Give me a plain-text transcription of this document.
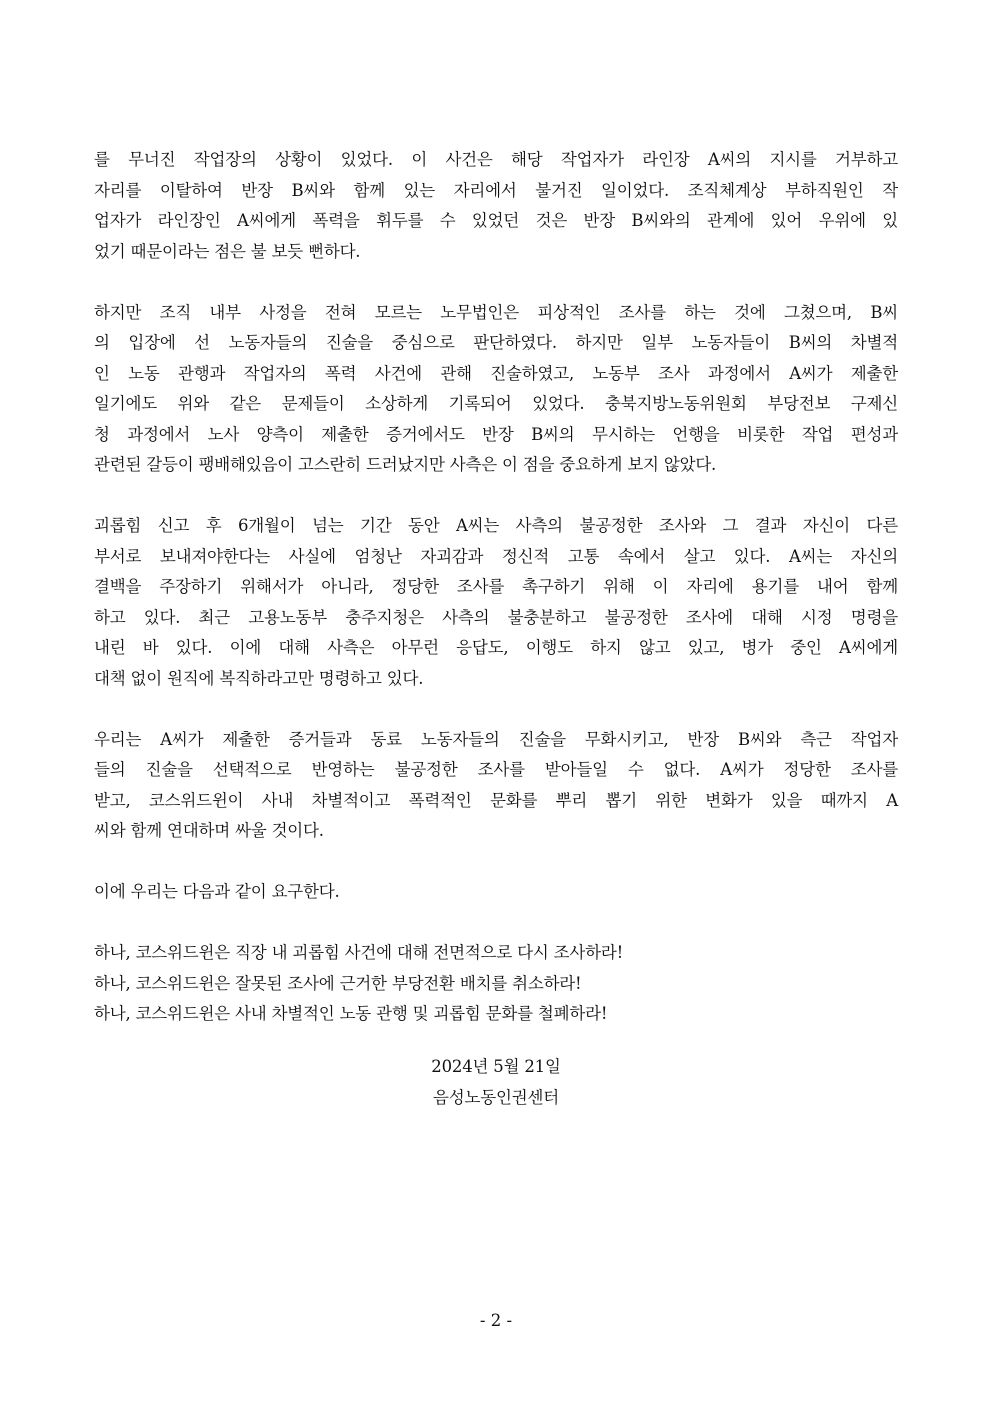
를 무너진 작업장의 상황이 있었다. 이 사건은 해당 작업자가 라인장 A씨의 지시를 거부하고
자리를 이탈하여 반장 B씨와 함께 있는 자리에서 불거진 일이었다. 조직체계상 부하직원인 작
업자가 라인장인 A씨에게 폭력을 휘두를 수 있었던 것은 반장 B씨와의 관계에 있어 우위에 있
었기 때문이라는 점은 불 보듯 뻔하다.
하지만 조직 내부 사정을 전혀 모르는 노무법인은 피상적인 조사를 하는 것에 그쳤으며, B씨
의 입장에 선 노동자들의 진술을 중심으로 판단하였다. 하지만 일부 노동자들이 B씨의 차별적
인 노동 관행과 작업자의 폭력 사건에 관해 진술하였고, 노동부 조사 과정에서 A씨가 제출한
일기에도 위와 같은 문제들이 소상하게 기록되어 있었다. 충북지방노동위원회 부당전보 구제신
청 과정에서 노사 양측이 제출한 증거에서도 반장 B씨의 무시하는 언행을 비롯한 작업 편성과
관련된 갈등이 팽배해있음이 고스란히 드러났지만 사측은 이 점을 중요하게 보지 않았다.
괴롭힘 신고 후 6개월이 넘는 기간 동안 A씨는 사측의 불공정한 조사와 그 결과 자신이 다른
부서로 보내져야한다는 사실에 엄청난 자괴감과 정신적 고통 속에서 살고 있다. A씨는 자신의
결백을 주장하기 위해서가 아니라, 정당한 조사를 촉구하기 위해 이 자리에 용기를 내어 함께
하고 있다. 최근 고용노동부 충주지청은 사측의 불충분하고 불공정한 조사에 대해 시정 명령을
내린 바 있다. 이에 대해 사측은 아무런 응답도, 이행도 하지 않고 있고, 병가 중인 A씨에게
대책 없이 원직에 복직하라고만 명령하고 있다.
우리는 A씨가 제출한 증거들과 동료 노동자들의 진술을 무화시키고, 반장 B씨와 측근 작업자
들의 진술을 선택적으로 반영하는 불공정한 조사를 받아들일 수 없다. A씨가 정당한 조사를
받고, 코스위드윈이 사내 차별적이고 폭력적인 문화를 뿌리 뽑기 위한 변화가 있을 때까지 A
씨와 함께 연대하며 싸울 것이다.
이에 우리는 다음과 같이 요구한다.
하나, 코스위드윈은 직장 내 괴롭힘 사건에 대해 전면적으로 다시 조사하라!
하나, 코스위드윈은 잘못된 조사에 근거한 부당전환 배치를 취소하라!
하나, 코스위드윈은 사내 차별적인 노동 관행 및 괴롭힘 문화를 철폐하라!
2024년 5월 21일
음성노동인권센터
- 2 -
